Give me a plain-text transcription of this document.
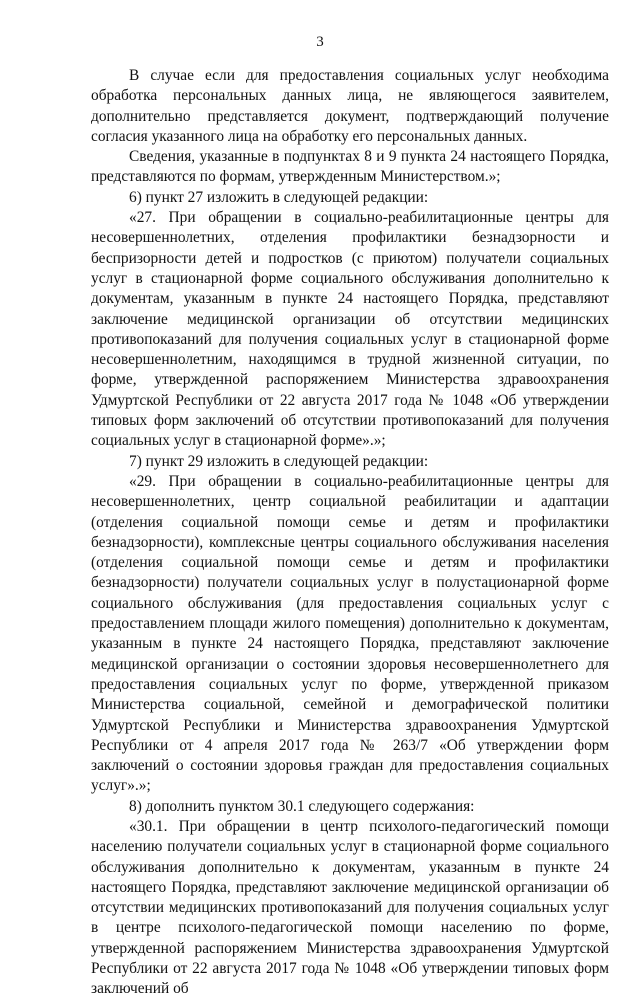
3

В случае если для предоставления социальных услуг необходима обработка персональных данных лица, не являющегося заявителем, дополнительно представляется документ, подтверждающий получение согласия указанного лица на обработку его персональных данных.

Сведения, указанные в подпунктах 8 и 9 пункта 24 настоящего Порядка, представляются по формам, утвержденным Министерством.»;

6) пункт 27 изложить в следующей редакции:

«27. При обращении в социально-реабилитационные центры для несовершеннолетних, отделения профилактики безнадзорности и беспризорности детей и подростков (с приютом) получатели социальных услуг в стационарной форме социального обслуживания дополнительно к документам, указанным в пункте 24 настоящего Порядка, представляют заключение медицинской организации об отсутствии медицинских противопоказаний для получения социальных услуг в стационарной форме несовершеннолетним, находящимся в трудной жизненной ситуации, по форме, утвержденной распоряжением Министерства здравоохранения Удмуртской Республики от 22 августа 2017 года № 1048 «Об утверждении типовых форм заключений об отсутствии противопоказаний для получения социальных услуг в стационарной форме».»;

7) пункт 29 изложить в следующей редакции:

«29. При обращении в социально-реабилитационные центры для несовершеннолетних, центр социальной реабилитации и адаптации (отделения социальной помощи семье и детям и профилактики безнадзорности), комплексные центры социального обслуживания населения (отделения социальной помощи семье и детям и профилактики безнадзорности) получатели социальных услуг в полустационарной форме социального обслуживания (для предоставления социальных услуг с предоставлением площади жилого помещения) дополнительно к документам, указанным в пункте 24 настоящего Порядка, представляют заключение медицинской организации о состоянии здоровья несовершеннолетнего для предоставления социальных услуг по форме, утвержденной приказом Министерства социальной, семейной и демографической политики Удмуртской Республики и Министерства здравоохранения Удмуртской Республики от 4 апреля 2017 года № 263/7 «Об утверждении форм заключений о состоянии здоровья граждан для предоставления социальных услуг».»;

8) дополнить пунктом 30.1 следующего содержания:

«30.1. При обращении в центр психолого-педагогический помощи населению получатели социальных услуг в стационарной форме социального обслуживания дополнительно к документам, указанным в пункте 24 настоящего Порядка, представляют заключение медицинской организации об отсутствии медицинских противопоказаний для получения социальных услуг в центре психолого-педагогической помощи населению по форме, утвержденной распоряжением Министерства здравоохранения Удмуртской Республики от 22 августа 2017 года № 1048 «Об утверждении типовых форм заключений об
